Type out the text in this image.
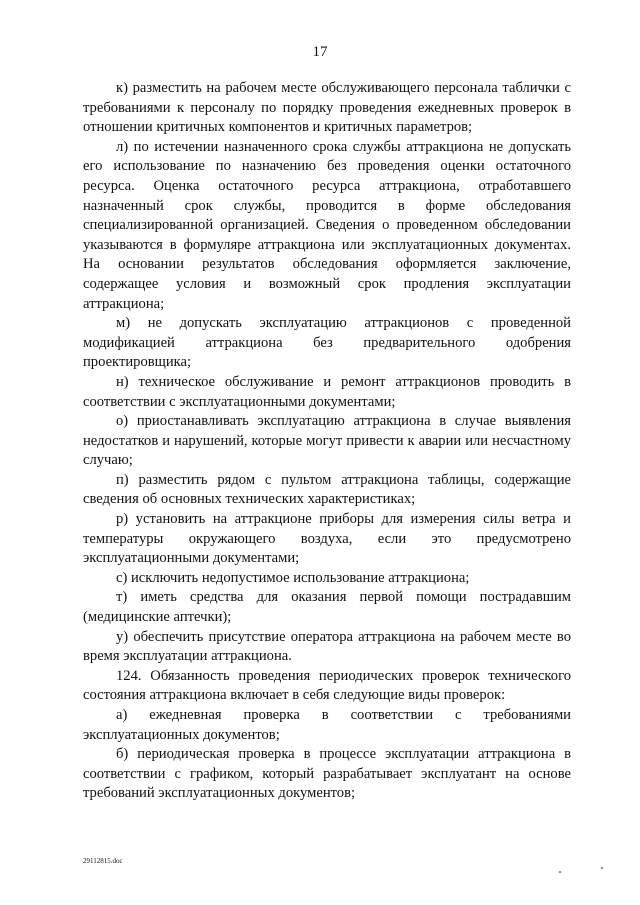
17

к) разместить на рабочем месте обслуживающего персонала таблички с требованиями к персоналу по порядку проведения ежедневных проверок в отношении критичных компонентов и критичных параметров;

л) по истечении назначенного срока службы аттракциона не допускать его использование по назначению без проведения оценки остаточного ресурса. Оценка остаточного ресурса аттракциона, отработавшего назначенный срок службы, проводится в форме обследования специализированной организацией. Сведения о проведенном обследовании указываются в формуляре аттракциона или эксплуатационных документах. На основании результатов обследования оформляется заключение, содержащее условия и возможный срок продления эксплуатации аттракциона;

м) не допускать эксплуатацию аттракционов с проведенной модификацией аттракциона без предварительного одобрения проектировщика;

н) техническое обслуживание и ремонт аттракционов проводить в соответствии с эксплуатационными документами;

о) приостанавливать эксплуатацию аттракциона в случае выявления недостатков и нарушений, которые могут привести к аварии или несчастному случаю;

п) разместить рядом с пультом аттракциона таблицы, содержащие сведения об основных технических характеристиках;

р) установить на аттракционе приборы для измерения силы ветра и температуры окружающего воздуха, если это предусмотрено эксплуатационными документами;

с) исключить недопустимое использование аттракциона;

т) иметь средства для оказания первой помощи пострадавшим (медицинские аптечки);

у) обеспечить присутствие оператора аттракциона на рабочем месте во время эксплуатации аттракциона.

124. Обязанность проведения периодических проверок технического состояния аттракциона включает в себя следующие виды проверок:

а) ежедневная проверка в соответствии с требованиями эксплуатационных документов;

б) периодическая проверка в процессе эксплуатации аттракциона в соответствии с графиком, который разрабатывает эксплуатант на основе требований эксплуатационных документов;

29112815.doc
